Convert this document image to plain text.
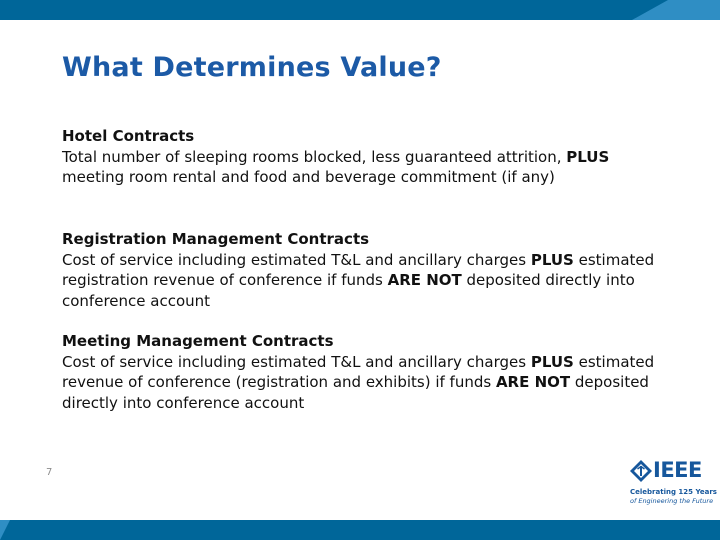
What Determines Value?
Hotel Contracts
Total number of sleeping rooms blocked, less guaranteed attrition, PLUS meeting room rental and food and beverage commitment (if any)
Registration Management Contracts
Cost of service including estimated T&L and ancillary charges PLUS estimated registration revenue of conference if funds ARE NOT deposited directly into conference account
Meeting Management Contracts
Cost of service including estimated T&L and ancillary charges PLUS estimated revenue of conference (registration and exhibits) if funds ARE NOT deposited directly into conference account
7	IEEE
Celebrating 125 Years
of Engineering the Future
